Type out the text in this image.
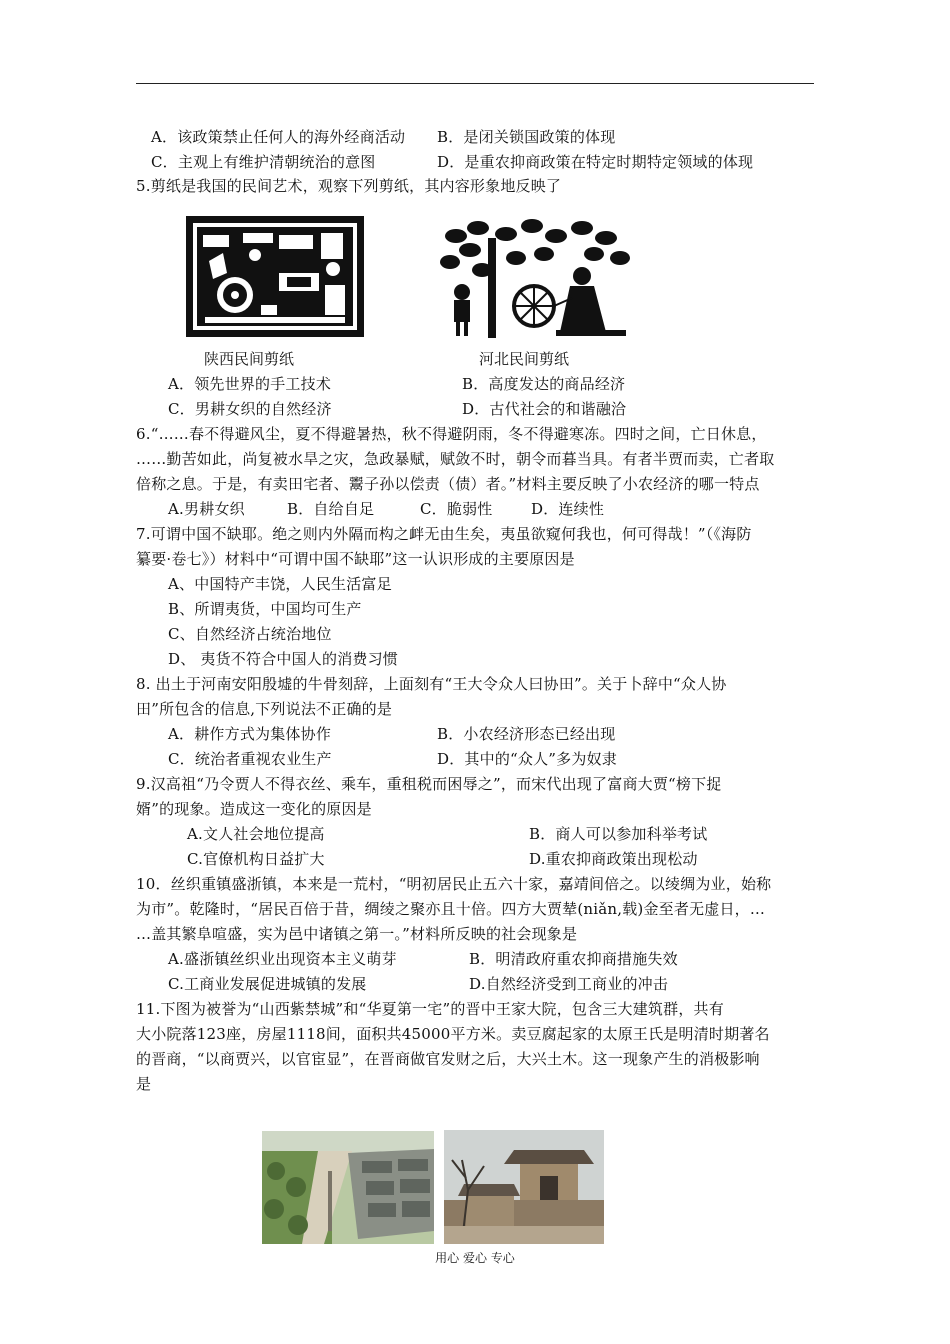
A．该政策禁止任何人的海外经商活动 B．是闭关锁国政策的体现
C．主观上有维护清朝统治的意图	D．是重农抑商政策在特定时期特定领域的体现
5.剪纸是我国的民间艺术，观察下列剪纸，其内容形象地反映了
陕西民间剪纸	河北民间剪纸
A．领先世界的手工技术	B．高度发达的商品经济
C．男耕女织的自然经济	D．古代社会的和谐融洽
6.“……春不得避风尘，夏不得避暑热，秋不得避阴雨，冬不得避寒冻。四时之间，亡日休息，
……勤苦如此，尚复被水旱之灾，急政暴赋，赋敛不时，朝令而暮当具。有者半贾而卖，亡者取
倍称之息。于是，有卖田宅者、鬻子孙以偿责（债）者。”材料主要反映了小农经济的哪一特点
A.男耕女织	B．自给自足	C．脆弱性	D．连续性
7.可谓中国不缺耶。绝之则内外隔而构之衅无由生矣，夷虽欲窥何我也，何可得哉！”（《海防
纂要·卷七》）材料中“可谓中国不缺耶”这一认识形成的主要原因是
A、中国特产丰饶，人民生活富足
B、所谓夷货，中国均可生产
C、自然经济占统治地位
D、 夷货不符合中国人的消费习惯
8. 出土于河南安阳殷墟的牛骨刻辞，上面刻有“王大令众人曰协田”。关于卜辞中“众人协
田”所包含的信息,下列说法不正确的是
A．耕作方式为集体协作	B．小农经济形态已经出现
C．统治者重视农业生产	D．其中的“众人”多为奴隶
9.汉高祖“乃令贾人不得衣丝、乘车，重租税而困辱之”，而宋代出现了富商大贾“榜下捉
婿”的现象。造成这一变化的原因是
A.文人社会地位提高	B．商人可以参加科举考试
C.官僚机构日益扩大	D.重农抑商政策出现松动
10．丝织重镇盛浙镇，本来是一荒村，“明初居民止五六十家，嘉靖间倍之。以绫绸为业，始称
为市”。乾隆时，“居民百倍于昔，绸绫之聚亦且十倍。四方大贾辇(niǎn,载)金至者无虚日，…
…盖其繁阜喧盛，实为邑中诸镇之第一。”材料所反映的社会现象是
A.盛浙镇丝织业出现资本主义萌芽	B．明清政府重农抑商措施失效
C.工商业发展促进城镇的发展	D.自然经济受到工商业的冲击
11.下图为被誉为“山西紫禁城”和“华夏第一宅”的晋中王家大院，包含三大建筑群，共有
大小院落123座，房屋1118间，面积共45000平方米。卖豆腐起家的太原王氏是明清时期著名
的晋商，“以商贾兴，以官宦显”，在晋商做官发财之后，大兴土木。这一现象产生的消极影响
是
用心 爱心 专心
